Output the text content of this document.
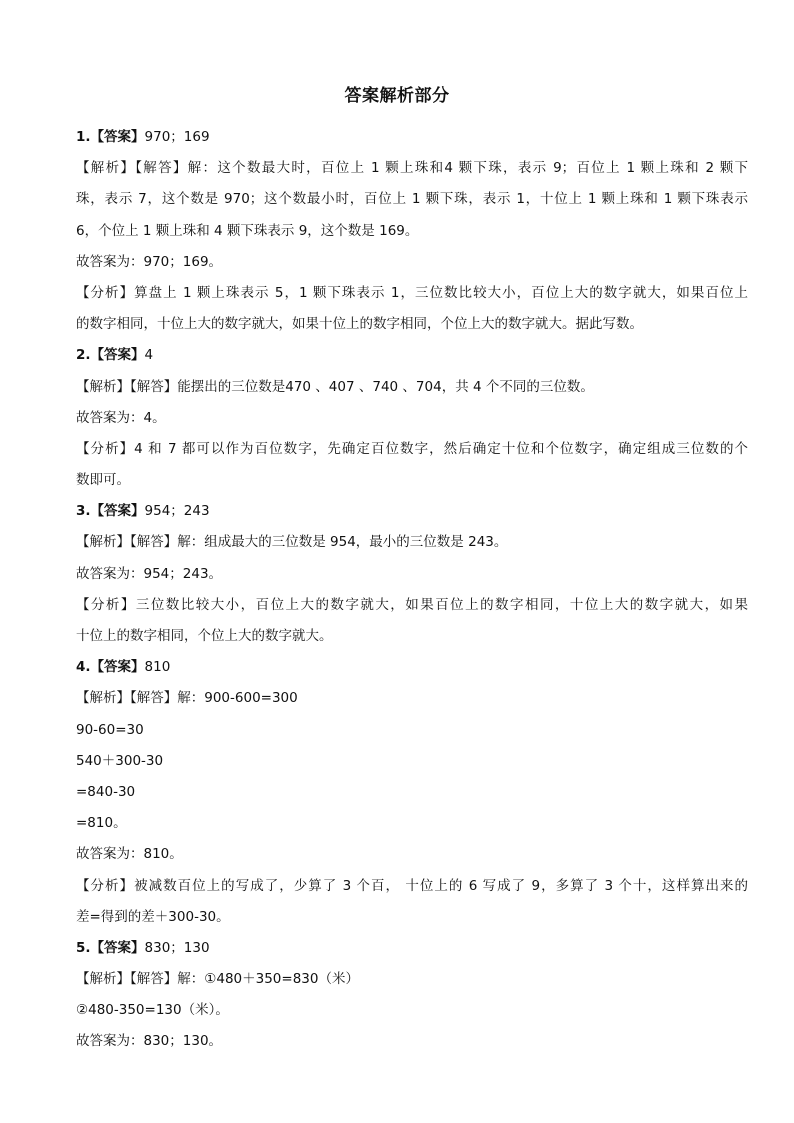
答案解析部分
1.【答案】970；169
【解析】【解答】解：这个数最大时，百位上 1 颗上珠和4 颗下珠，表示 9；百位上 1 颗上珠和 2 颗下
珠，表示 7，这个数是 970；这个数最小时，百位上 1 颗下珠，表示 1，十位上 1 颗上珠和 1 颗下珠表示
6，个位上 1 颗上珠和 4 颗下珠表示 9，这个数是 169。
故答案为：970；169。
【分析】算盘上 1 颗上珠表示 5，1 颗下珠表示 1，三位数比较大小，百位上大的数字就大，如果百位上
的数字相同，十位上大的数字就大，如果十位上的数字相同，个位上大的数字就大。据此写数。
2.【答案】4
【解析】【解答】能摆出的三位数是470 、407 、740 、704，共 4 个不同的三位数。
故答案为：4。
【分析】4 和 7 都可以作为百位数字，先确定百位数字，然后确定十位和个位数字，确定组成三位数的个
数即可。
3.【答案】954；243
【解析】【解答】解：组成最大的三位数是 954，最小的三位数是 243。
故答案为：954；243。
【分析】三位数比较大小，百位上大的数字就大，如果百位上的数字相同，十位上大的数字就大，如果
十位上的数字相同，个位上大的数字就大。
4.【答案】810
【解析】【解答】解：900-600=300
90-60=30
540＋300-30
=840-30
=810。
故答案为：810。
【分析】被减数百位上的写成了，少算了 3 个百， 十位上的 6 写成了 9，多算了 3 个十，这样算出来的
差=得到的差＋300-30。
5.【答案】830；130
【解析】【解答】解：①480＋350=830（米）
②480-350=130（米）。
故答案为：830；130。
